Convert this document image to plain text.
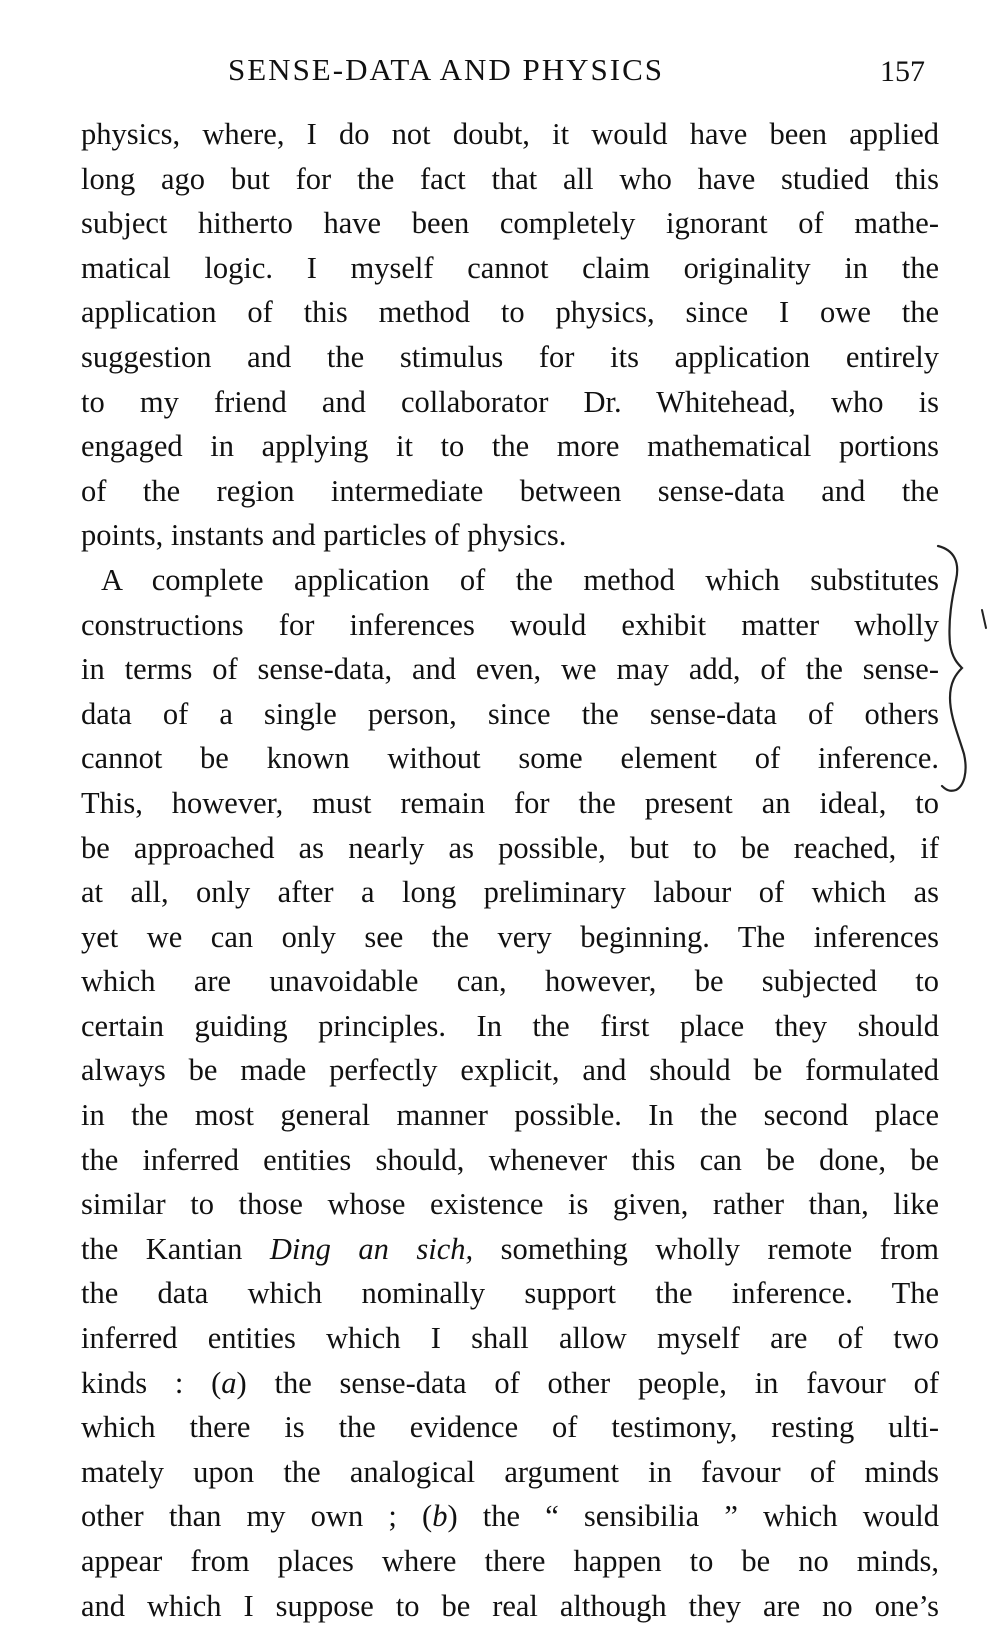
SENSE-DATA AND PHYSICS	157
physics, where, I do not doubt, it would have been applied
long ago but for the fact that all who have studied this
subject hitherto have been completely ignorant of mathe-
matical logic. I myself cannot claim originality in the
application of this method to physics, since I owe the
suggestion and the stimulus for its application entirely
to my friend and collaborator Dr. Whitehead, who is
engaged in applying it to the more mathematical portions
of the region intermediate between sense-data and the
points, instants and particles of physics.
A complete application of the method which substitutes
constructions for inferences would exhibit matter wholly
in terms of sense-data, and even, we may add, of the sense-
data of a single person, since the sense-data of others
cannot be known without some element of inference.
This, however, must remain for the present an ideal, to
be approached as nearly as possible, but to be reached, if
at all, only after a long preliminary labour of which as
yet we can only see the very beginning. The inferences
which are unavoidable can, however, be subjected to
certain guiding principles. In the first place they should
always be made perfectly explicit, and should be formulated
in the most general manner possible. In the second place
the inferred entities should, whenever this can be done, be
similar to those whose existence is given, rather than, like
the Kantian Ding an sich, something wholly remote from
the data which nominally support the inference. The
inferred entities which I shall allow myself are of two
kinds : (a) the sense-data of other people, in favour of
which there is the evidence of testimony, resting ulti-
mately upon the analogical argument in favour of minds
other than my own ; (b) the “ sensibilia ” which would
appear from places where there happen to be no minds,
and which I suppose to be real although they are no one’s
